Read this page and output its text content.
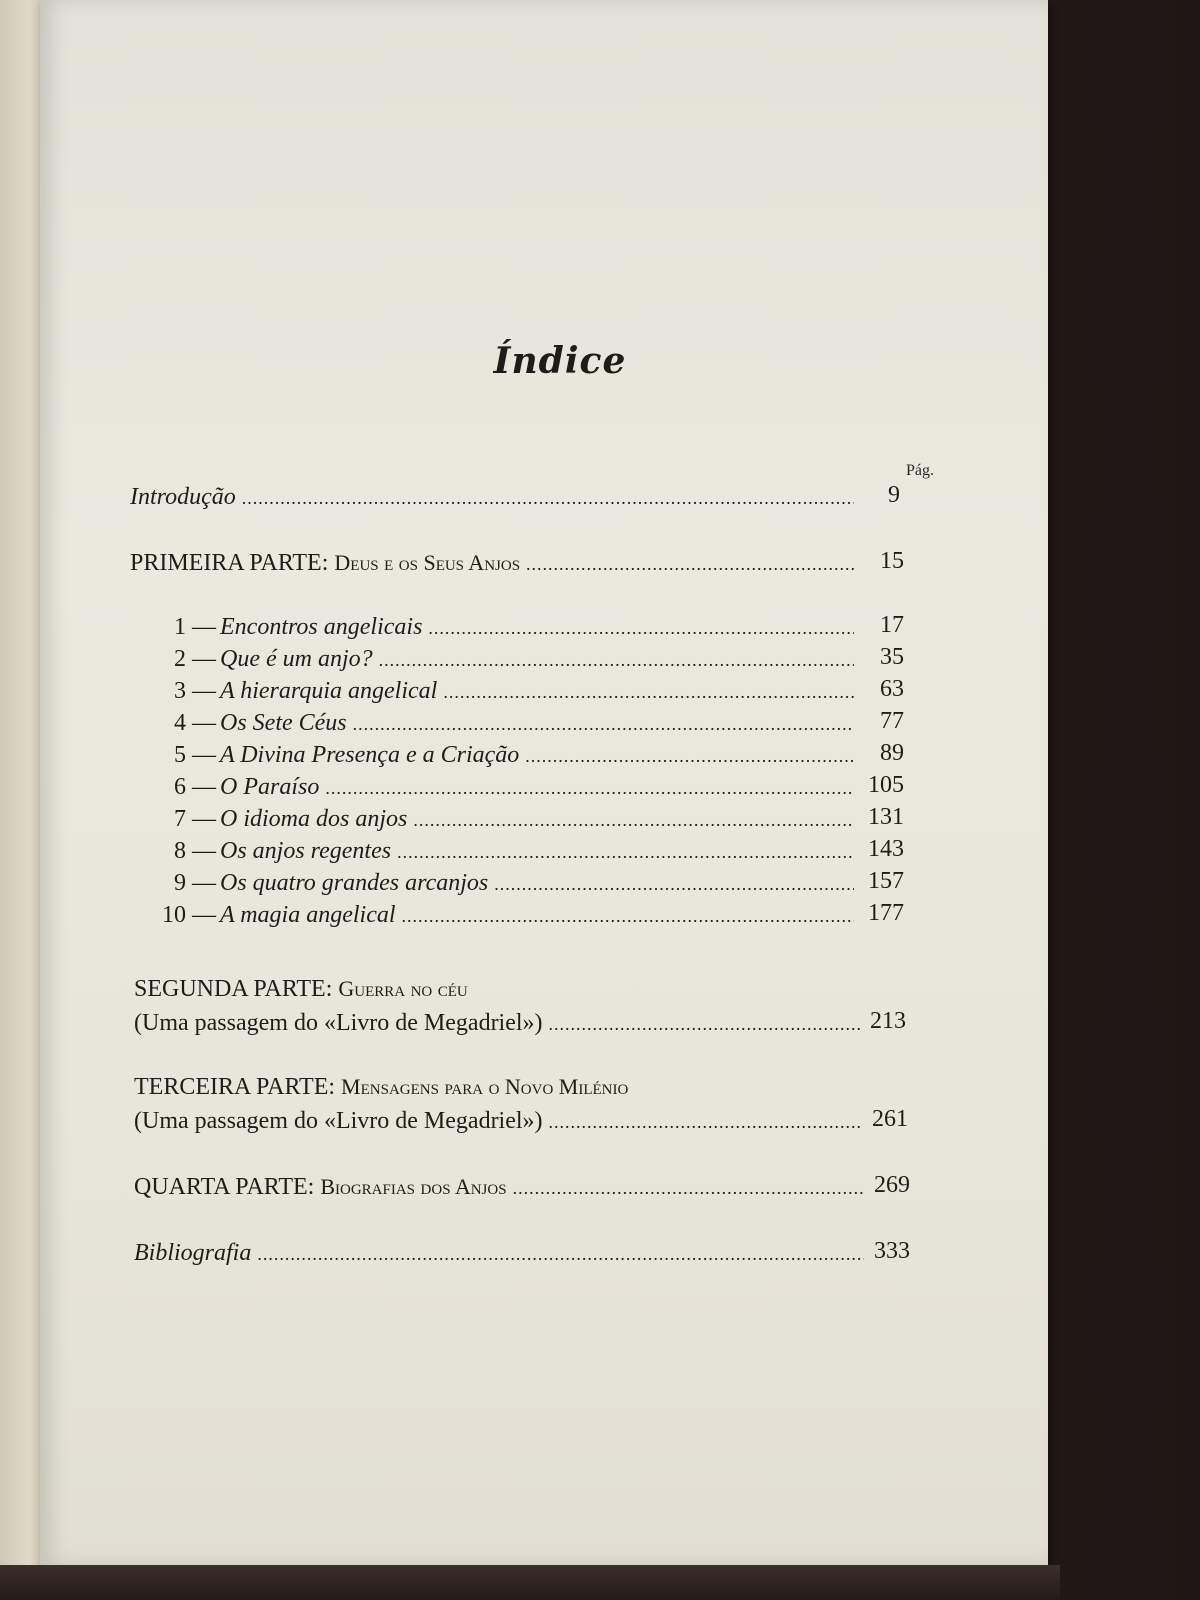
Índice
Pág.
Introdução .....	9
PRIMEIRA PARTE: Deus e os Seus Anjos .....	15
1 — Encontros angelicais .....	17
2 — Que é um anjo? .....	35
3 — A hierarquia angelical .....	63
4 — Os Sete Céus .....	77
5 — A Divina Presença e a Criação .....	89
6 — O Paraíso .....	105
7 — O idioma dos anjos .....	131
8 — Os anjos regentes .....	143
9 — Os quatro grandes arcanjos .....	157
10 — A magia angelical .....	177
SEGUNDA PARTE: Guerra no céu
(Uma passagem do «Livro de Megadriel») .....	213
TERCEIRA PARTE: Mensagens para o Novo Milénio
(Uma passagem do «Livro de Megadriel») .....	261
QUARTA PARTE: Biografias dos Anjos .....	269
Bibliografia .....	333
